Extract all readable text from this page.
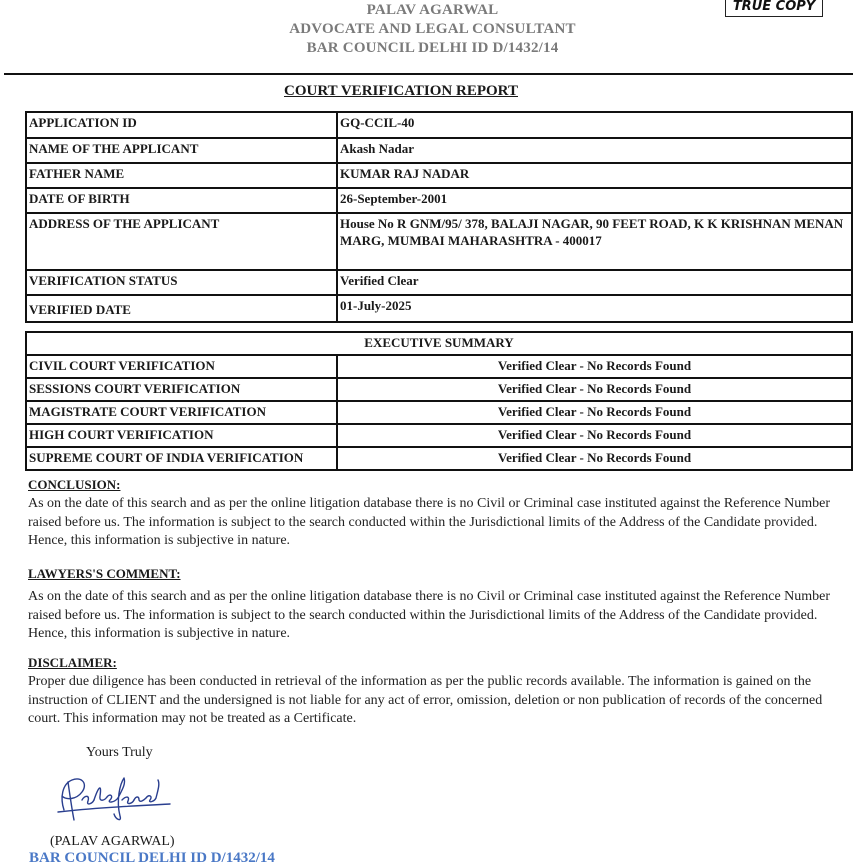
PALAV AGARWAL
ADVOCATE AND LEGAL CONSULTANT
BAR COUNCIL DELHI ID D/1432/14
TRUE COPY
COURT VERIFICATION REPORT
APPLICATION ID	GQ-CCIL-40
NAME OF THE APPLICANT	Akash Nadar
FATHER NAME	KUMAR RAJ NADAR
DATE OF BIRTH	26-September-2001
ADDRESS OF THE APPLICANT	House No R GNM/95/ 378, BALAJI NAGAR, 90 FEET ROAD, K K KRISHNAN MENAN MARG, MUMBAI MAHARASHTRA - 400017
VERIFICATION STATUS	Verified Clear
VERIFIED DATE	01-July-2025
EXECUTIVE SUMMARY	
CIVIL COURT VERIFICATION	Verified Clear - No Records Found
SESSIONS COURT VERIFICATION	Verified Clear - No Records Found
MAGISTRATE COURT VERIFICATION	Verified Clear - No Records Found
HIGH COURT VERIFICATION	Verified Clear - No Records Found
SUPREME COURT OF INDIA VERIFICATION	Verified Clear - No Records Found
CONCLUSION:
As on the date of this search and as per the online litigation database there is no Civil or Criminal case instituted against the Reference Number raised before us. The information is subject to the search conducted within the Jurisdictional limits of the Address of the Candidate provided. Hence, this information is subjective in nature.
LAWYERS'S COMMENT:
As on the date of this search and as per the online litigation database there is no Civil or Criminal case instituted against the Reference Number raised before us. The information is subject to the search conducted within the Jurisdictional limits of the Address of the Candidate provided. Hence, this information is subjective in nature.
DISCLAIMER:
Proper due diligence has been conducted in retrieval of the information as per the public records available. The information is gained on the instruction of CLIENT and the undersigned is not liable for any act of error, omission, deletion or non publication of records of the concerned court. This information may not be treated as a Certificate.
Yours Truly
(PALAV AGARWAL)
BAR COUNCIL DELHI ID D/1432/14
